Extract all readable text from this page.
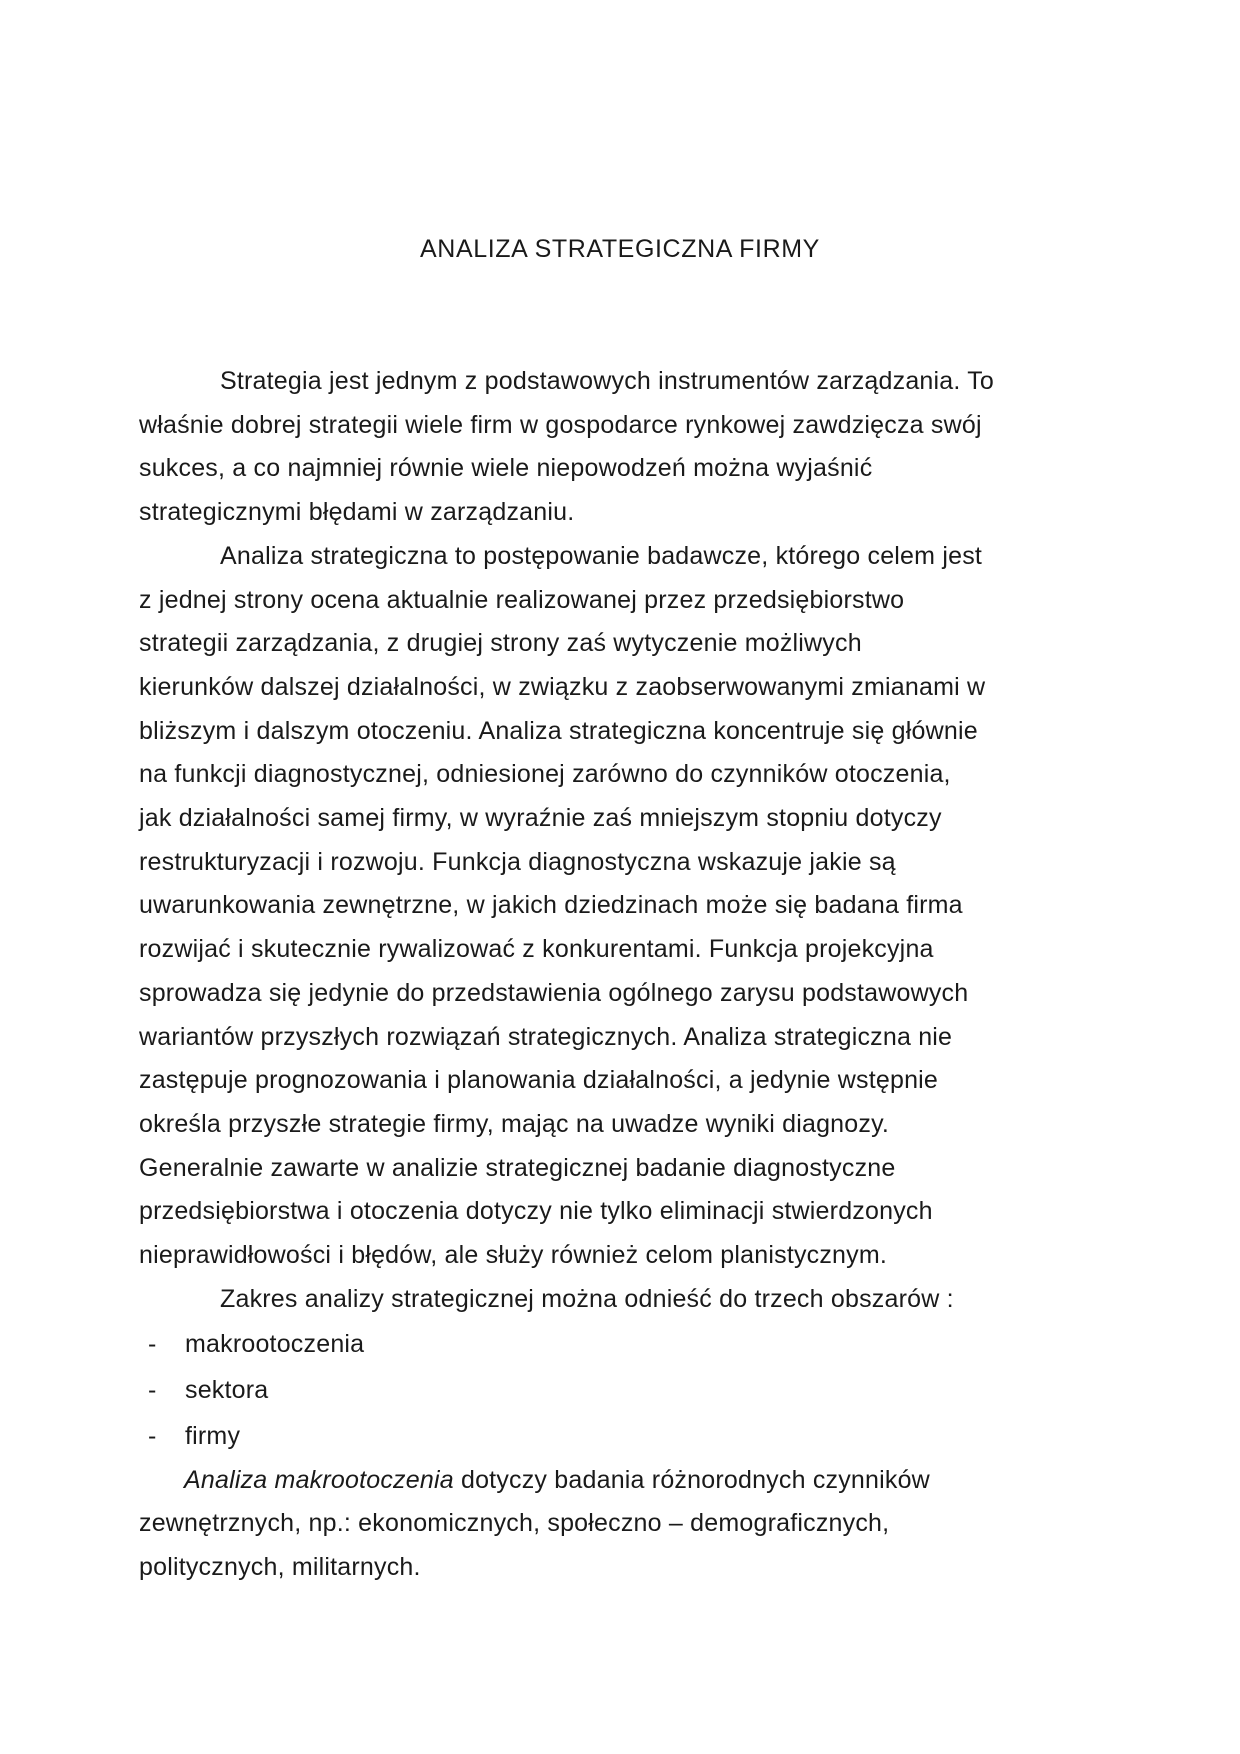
ANALIZA STRATEGICZNA FIRMY
Strategia jest jednym z podstawowych instrumentów zarządzania. To
właśnie dobrej strategii wiele firm w gospodarce rynkowej zawdzięcza swój
sukces, a co najmniej równie wiele niepowodzeń można wyjaśnić
strategicznymi błędami w zarządzaniu.
Analiza strategiczna to postępowanie badawcze, którego celem jest
z jednej strony ocena aktualnie realizowanej przez przedsiębiorstwo
strategii zarządzania, z drugiej strony zaś wytyczenie możliwych
kierunków dalszej działalności, w związku z zaobserwowanymi zmianami w
bliższym i dalszym otoczeniu. Analiza strategiczna koncentruje się głównie
na funkcji diagnostycznej, odniesionej zarówno do czynników otoczenia,
jak działalności samej firmy, w wyraźnie zaś mniejszym stopniu dotyczy
restrukturyzacji i rozwoju. Funkcja diagnostyczna wskazuje jakie są
uwarunkowania zewnętrzne, w jakich dziedzinach może się badana firma
rozwijać i skutecznie rywalizować z konkurentami. Funkcja projekcyjna
sprowadza się jedynie do przedstawienia ogólnego zarysu podstawowych
wariantów przyszłych rozwiązań strategicznych. Analiza strategiczna nie
zastępuje prognozowania i planowania działalności, a jedynie wstępnie
określa przyszłe strategie firmy, mając na uwadze wyniki diagnozy.
Generalnie zawarte w analizie strategicznej badanie diagnostyczne
przedsiębiorstwa i otoczenia dotyczy nie tylko eliminacji stwierdzonych
nieprawidłowości i błędów, ale służy również celom planistycznym.
Zakres analizy strategicznej można odnieść do trzech obszarów :
- makrootoczenia
- sektora
- firmy
Analiza makrootoczenia dotyczy badania różnorodnych czynników
zewnętrznych, np.: ekonomicznych, społeczno – demograficznych,
politycznych, militarnych.
